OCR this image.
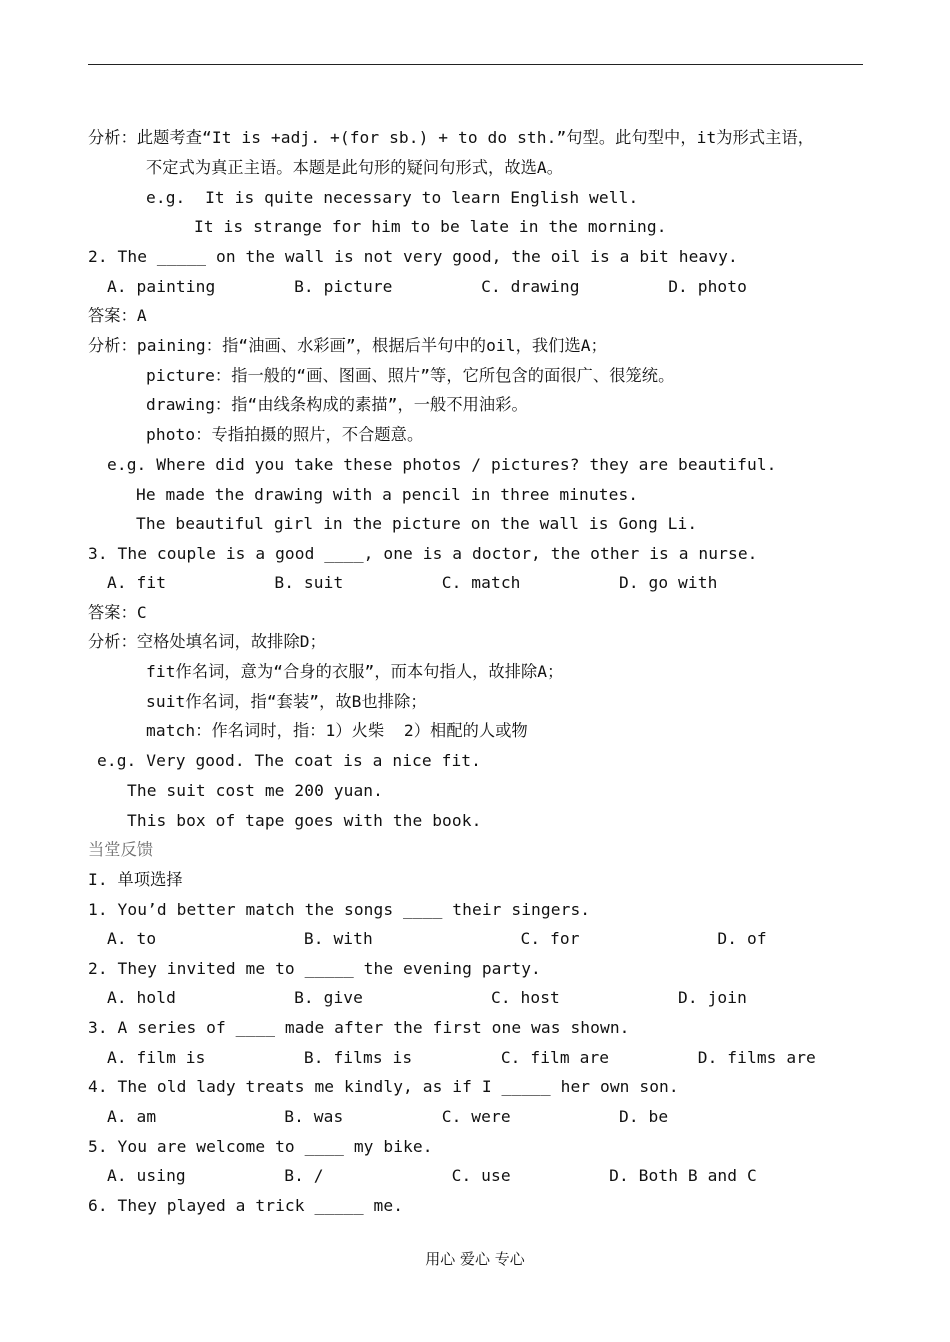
分析：此题考查“It is +adj. +(for sb.) + to do sth.”句型。此句型中，it为形式主语，
不定式为真正主语。本题是此句形的疑问句形式，故选A。
e.g.  It is quite necessary to learn English well.
It is strange for him to be late in the morning.
2. The _____ on the wall is not very good, the oil is a bit heavy.
A. painting        B. picture         C. drawing         D. photo
答案：A
分析：paining：指“油画、水彩画”，根据后半句中的oil，我们选A；
picture：指一般的“画、图画、照片”等，它所包含的面很广、很笼统。
drawing：指“由线条构成的素描”，一般不用油彩。
photo：专指拍摄的照片，不合题意。
e.g. Where did you take these photos / pictures? they are beautiful.
He made the drawing with a pencil in three minutes.
The beautiful girl in the picture on the wall is Gong Li.
3. The couple is a good ____, one is a doctor, the other is a nurse.
A. fit           B. suit          C. match          D. go with
答案：C
分析：空格处填名词，故排除D；
fit作名词，意为“合身的衣服”，而本句指人，故排除A；
suit作名词，指“套装”，故B也排除；
match：作名词时，指：1）火柴  2）相配的人或物
e.g. Very good. The coat is a nice fit.
The suit cost me 200 yuan.
This box of tape goes with the book.
当堂反馈
I. 单项选择
1. You’d better match the songs ____ their singers.
A. to               B. with               C. for              D. of
2. They invited me to _____ the evening party.
A. hold            B. give             C. host            D. join
3. A series of ____ made after the first one was shown.
A. film is          B. films is         C. film are         D. films are
4. The old lady treats me kindly, as if I _____ her own son.
A. am             B. was          C. were           D. be
5. You are welcome to ____ my bike.
A. using          B. /             C. use          D. Both B and C
6. They played a trick _____ me.
用心 爱心 专心
